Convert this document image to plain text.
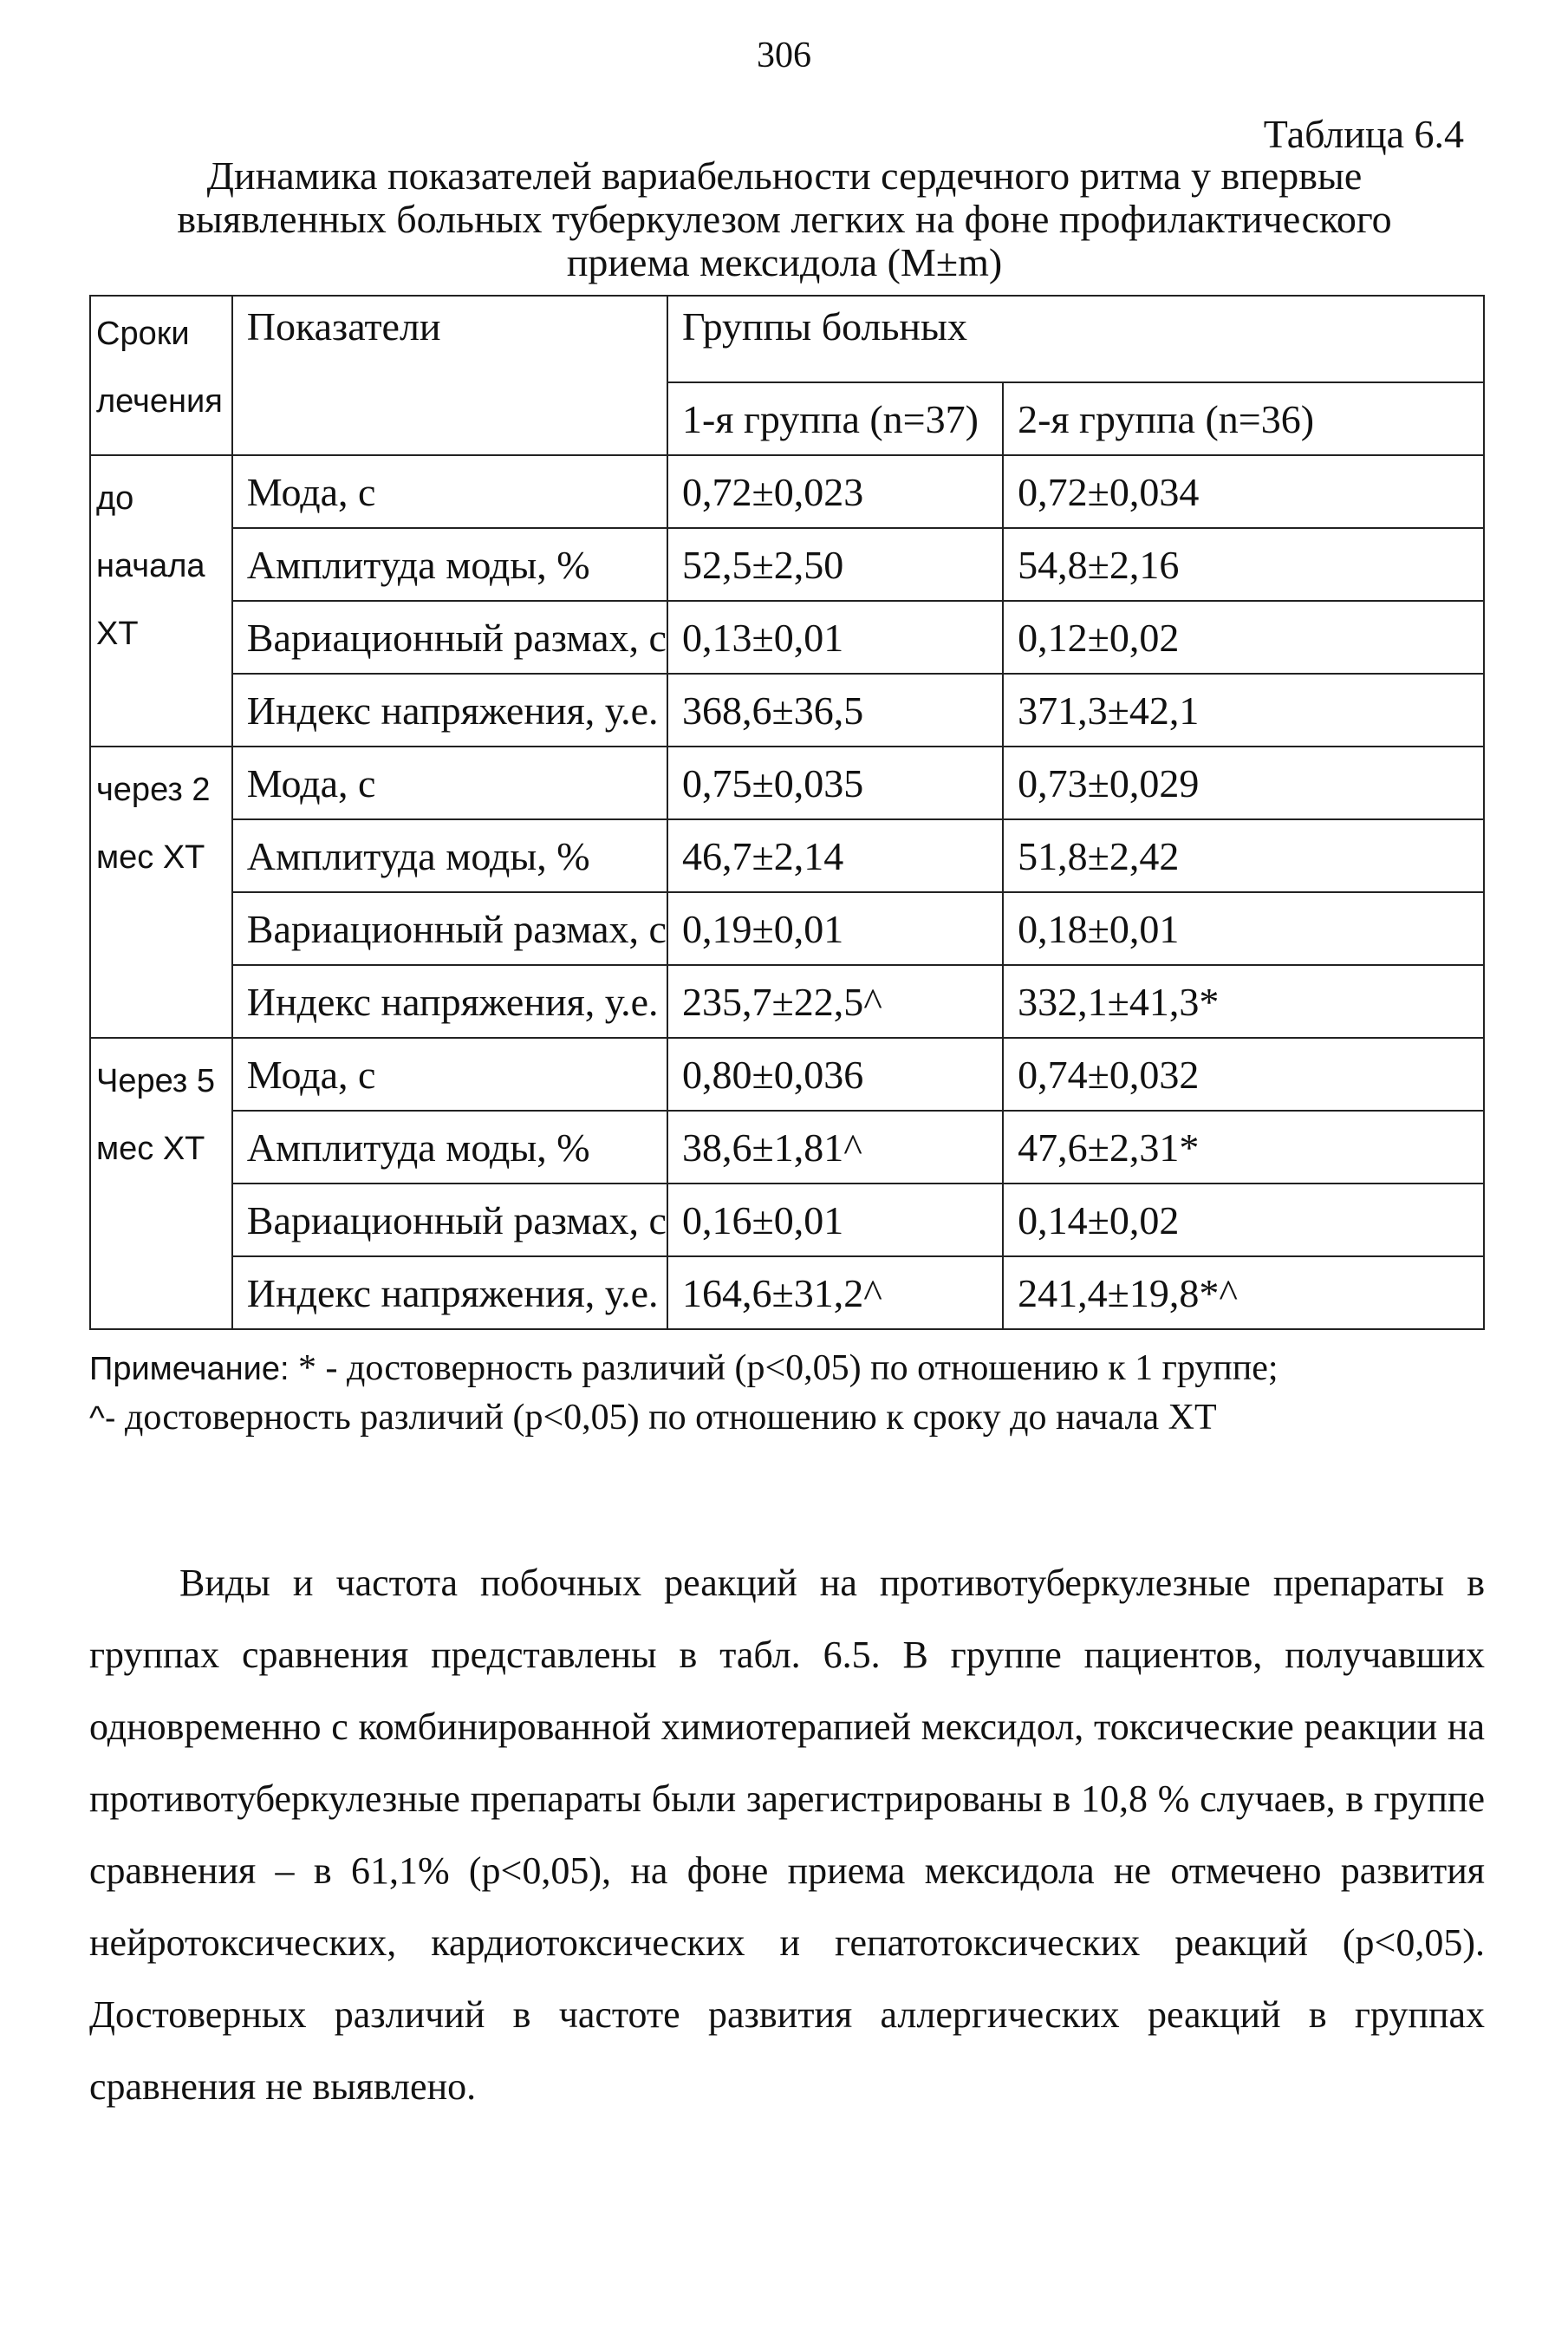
306
Таблица 6.4
Динамика показателей вариабельности сердечного ритма у впервые
выявленных больных туберкулезом легких на фоне профилактического
приема мексидола (M±m)
Сроки лечения	Показатели	Группы больных	
		1-я группа (n=37)	2-я группа (n=36)
до начала ХТ	Мода, с	0,72±0,023	0,72±0,034
	Амплитуда моды, %	52,5±2,50	54,8±2,16
	Вариационный размах, с	0,13±0,01	0,12±0,02
	Индекс напряжения, у.е.	368,6±36,5	371,3±42,1
через 2 мес ХТ	Мода, с	0,75±0,035	0,73±0,029
	Амплитуда моды, %	46,7±2,14	51,8±2,42
	Вариационный размах, с	0,19±0,01	0,18±0,01
	Индекс напряжения, у.е.	235,7±22,5^	332,1±41,3*
Через 5 мес ХТ	Мода, с	0,80±0,036	0,74±0,032
	Амплитуда моды, %	38,6±1,81^	47,6±2,31*
	Вариационный размах, с	0,16±0,01	0,14±0,02
	Индекс напряжения, у.е.	164,6±31,2^	241,4±19,8*^
Примечание: * - достоверность различий (p<0,05) по отношению к 1 группе;
^- достоверность различий (p<0,05) по отношению к сроку до начала ХТ

Виды и частота побочных реакций на противотуберкулезные препараты в группах сравнения представлены в табл. 6.5. В группе пациентов, получавших одновременно с комбинированной химиотерапией мексидол, токсические реакции на противотуберкулезные препараты были зарегистрированы в 10,8 % случаев, в группе сравнения – в 61,1% (p<0,05), на фоне приема мексидола не отмечено развития нейротоксических, кардиотоксических и гепатотоксических реакций (p<0,05). Достоверных различий в частоте развития аллергических реакций в группах сравнения не выявлено.
